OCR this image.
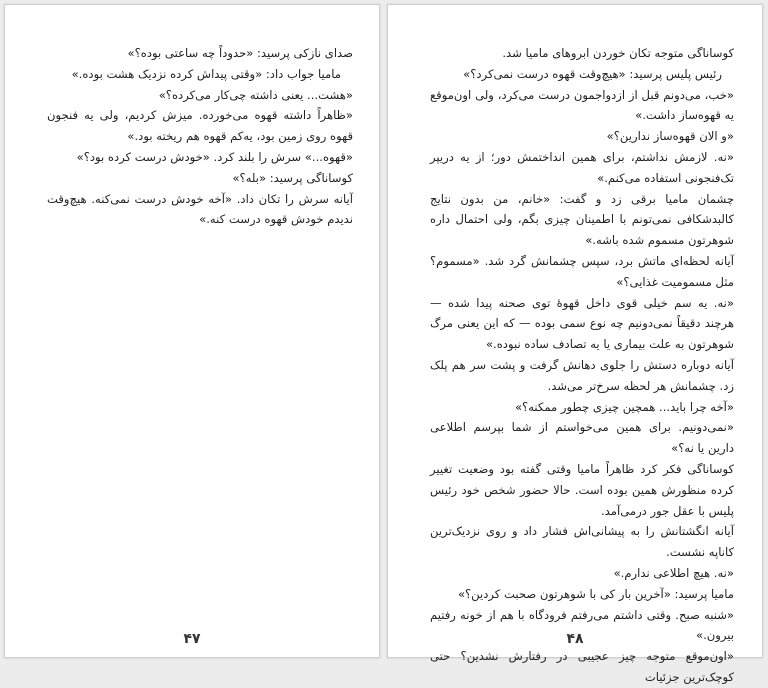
صدای نازکی پرسید: «حدوداً چه ساعتی بوده؟»

ماميا جواب داد: «وقتی پیداش کرده نزدیک هشت بوده.»

«هشت... یعنی داشته چی‌کار می‌کرده؟»

«ظاهراً داشته قهوه می‌خورده. میزش کردیم، ولی یه فنجون قهوه روی زمین بود، یه‌کم قهوه هم ریخته بود.»

«قهوه...» سرش را بلند کرد. «خودش درست کرده بود؟»

کوساناگی پرسید: «بله؟»

آیانه سرش را تکان داد. «آخه خودش درست نمی‌کنه. هیچ‌وقت ندیدم خودش قهوه درست کنه.»

۴۷

کوساناگی متوجه تکان خوردن ابروهای ماميا شد.

رئیس پلیس پرسید: «هیچ‌وقت قهوه درست نمی‌کرد؟»

«خب، می‌دونم قبل از ازدواجمون درست می‌کرد، ولی اون‌موقع یه قهوه‌ساز داشت.»

«و الان قهوه‌ساز ندارین؟»

«نه. لازمش نداشتم، برای همین انداختمش دور؛ از یه دریپر تک‌فنجونی استفاده می‌کنم.»

چشمان ماميا برقی زد و گفت: «خانم، من بدون نتایج کالبدشکافی نمی‌تونم با اطمینان چیزی بگم، ولی احتمال داره شوهرتون مسموم شده باشه.»

آیانه لحظه‌ای ماتش برد، سپس چشمانش گرد شد. «مسموم؟ مثل مسمومیت غذایی؟»

«نه. یه سم خیلی قوی داخل قهوهٔ توی صحنه پیدا شده — هرچند دقیقاً نمی‌دونیم چه نوع سمی بوده — که این یعنی مرگ شوهرتون به علت بیماری یا یه تصادف ساده نبوده.»

آیانه دوباره دستش را جلوی دهانش گرفت و پشت سر هم پلک زد. چشمانش هر لحظه سرخ‌تر می‌شد.

«آخه چرا باید... همچین چیزی چطور ممکنه؟»

«نمی‌دونیم. برای همین می‌خواستم از شما بپرسم اطلاعی دارین یا نه؟»

کوساناگی فکر کرد ظاهراً ماميا وقتی گفته بود وضعیت تغییر کرده منظورش همین بوده است. حالا حضور شخص خود رئیس پلیس با عقل جور درمی‌آمد.

آیانه انگشتانش را به پیشانی‌اش فشار داد و روی نزدیک‌ترین کاناپه نشست.

«نه. هیچ اطلاعی ندارم.»

ماميا پرسید: «آخرین بار کی با شوهرتون صحبت کردین؟»

«شنبه صبح. وقتی داشتم می‌رفتم فرودگاه با هم از خونه رفتیم بیرون.»

«اون‌موقع متوجه چیز عجیبی در رفتارش نشدین؟ حتی کوچک‌ترین جزئیات

۴۸
